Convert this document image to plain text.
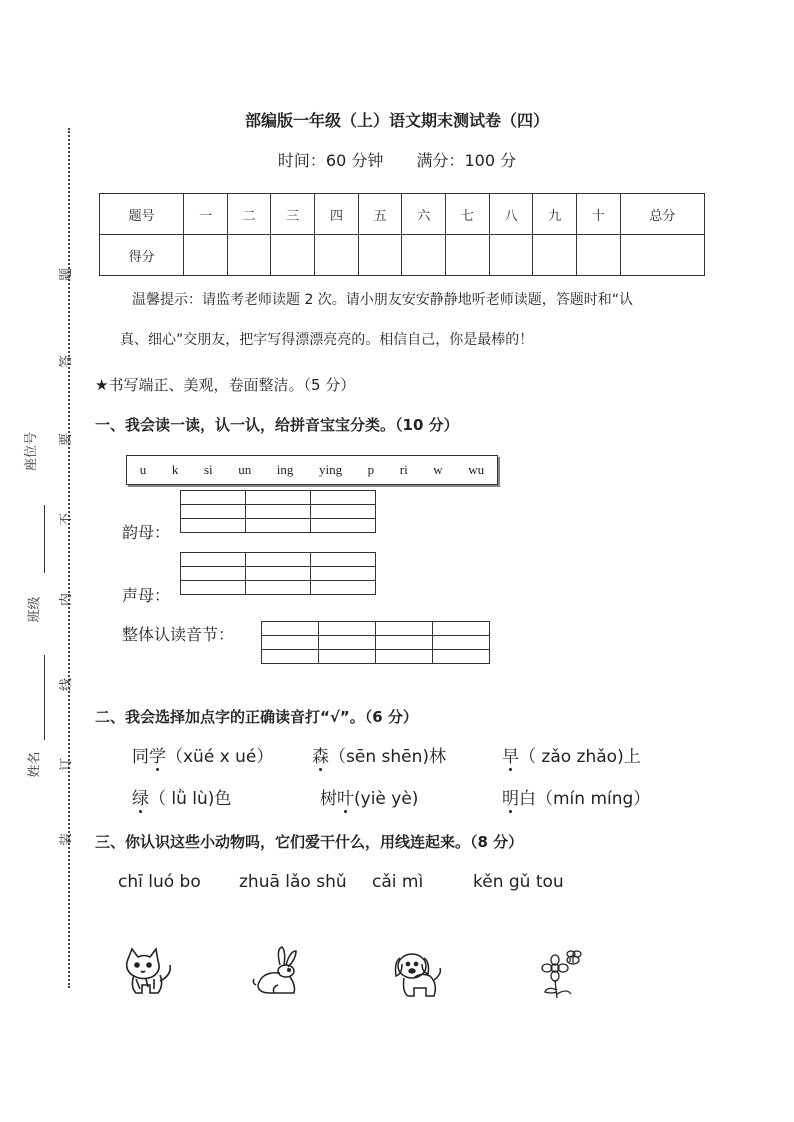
题
答
要
不
内
线
订
装
座位号
班级
姓名
部编版一年级（上）语文期末测试卷（四）
时间：60 分钟 满分：100 分
题号	一	二	三	四	五	六	七	八	九	十	总分
得分											
温馨提示：请监考老师读题 2 次。请小朋友安安静静地听老师读题，答题时和“认
真、细心”交朋友，把字写得漂漂亮亮的。相信自己，你是最棒的！
★书写端正、美观，卷面整洁。（5 分）
一、我会读一读，认一认，给拼音宝宝分类。（10 分）
u k si un ing ying p ri w wu
韵母：

声母：

整体认读音节：

二、我会选择加点字的正确读音打“√”。（6 分）
同学（xüé x ué） 森（sēn shēn)林	早（ zǎo zhǎo)上
绿（ lǜ lù)色	树叶(yiè yè)	明白（mín míng）
三、你认识这些小动物吗，它们爱干什么，用线连起来。（8 分）
chī luó bo zhuā lǎo shǔ cǎi mì	kěn gǔ tou
